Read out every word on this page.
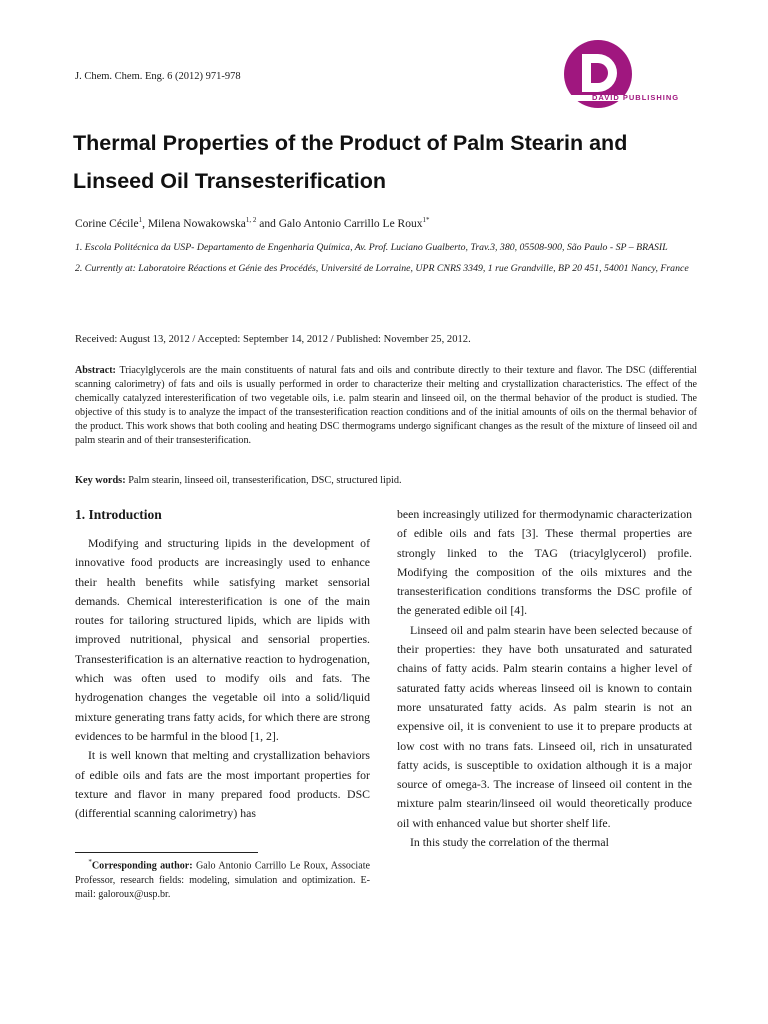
J. Chem. Chem. Eng. 6 (2012) 971-978
DAVID PUBLISHING
Thermal Properties of the Product of Palm Stearin and Linseed Oil Transesterification
Corine Cécile$^1$, Milena Nowakowska$^{1, 2}$ and Galo Antonio Carrillo Le Roux$^{1*}$

1. Escola Politécnica da USP- Departamento de Engenharia Química, Av. Prof. Luciano Gualberto, Trav.3, 380, 05508-900, São Paulo - SP – BRASIL

2. Currently at: Laboratoire Réactions et Génie des Procédés, Université de Lorraine, UPR CNRS 3349, 1 rue Grandville, BP 20 451, 54001 Nancy, France

Received: August 13, 2012 / Accepted: September 14, 2012 / Published: November 25, 2012.
Abstract: Triacylglycerols are the main constituents of natural fats and oils and contribute directly to their texture and flavor. The DSC (differential scanning calorimetry) of fats and oils is usually performed in order to characterize their melting and crystallization characteristics. The effect of the chemically catalyzed interesterification of two vegetable oils, i.e. palm stearin and linseed oil, on the thermal behavior of the product is studied. The objective of this study is to analyze the impact of the transesterification reaction conditions and of the initial amounts of oils on the thermal behavior of the product. This work shows that both cooling and heating DSC thermograms undergo significant changes as the result of the mixture of linseed oil and palm stearin and of their transesterification.
Key words: Palm stearin, linseed oil, transesterification, DSC, structured lipid.
1. Introduction

Modifying and structuring lipids in the development of innovative food products are increasingly used to enhance their health benefits while satisfying market sensorial demands. Chemical interesterification is one of the main routes for tailoring structured lipids, which are lipids with improved nutritional, physical and sensorial properties. Transesterification is an alternative reaction to hydrogenation, which was often used to modify oils and fats. The hydrogenation changes the vegetable oil into a solid/liquid mixture generating trans fatty acids, for which there are strong evidences to be harmful in the blood [1, 2].

It is well known that melting and crystallization behaviors of edible oils and fats are the most important properties for texture and flavor in many prepared food products. DSC (differential scanning calorimetry) has

been increasingly utilized for thermodynamic characterization of edible oils and fats [3]. These thermal properties are strongly linked to the TAG (triacylglycerol) profile. Modifying the composition of the oils mixtures and the transesterification conditions transforms the DSC profile of the generated edible oil [4].

Linseed oil and palm stearin have been selected because of their properties: they have both unsaturated and saturated chains of fatty acids. Palm stearin contains a higher level of saturated fatty acids whereas linseed oil is known to contain more unsaturated fatty acids. As palm stearin is not an expensive oil, it is convenient to use it to prepare products at low cost with no trans fats. Linseed oil, rich in unsaturated fatty acids, is susceptible to oxidation although it is a major source of omega-3. The increase of linseed oil content in the mixture palm stearin/linseed oil would theoretically produce oil with enhanced value but shorter shelf life.

In this study the correlation of the thermal

*Corresponding author: Galo Antonio Carrillo Le Roux, Associate Professor, research fields: modeling, simulation and optimization. E-mail: galoroux@usp.br.
